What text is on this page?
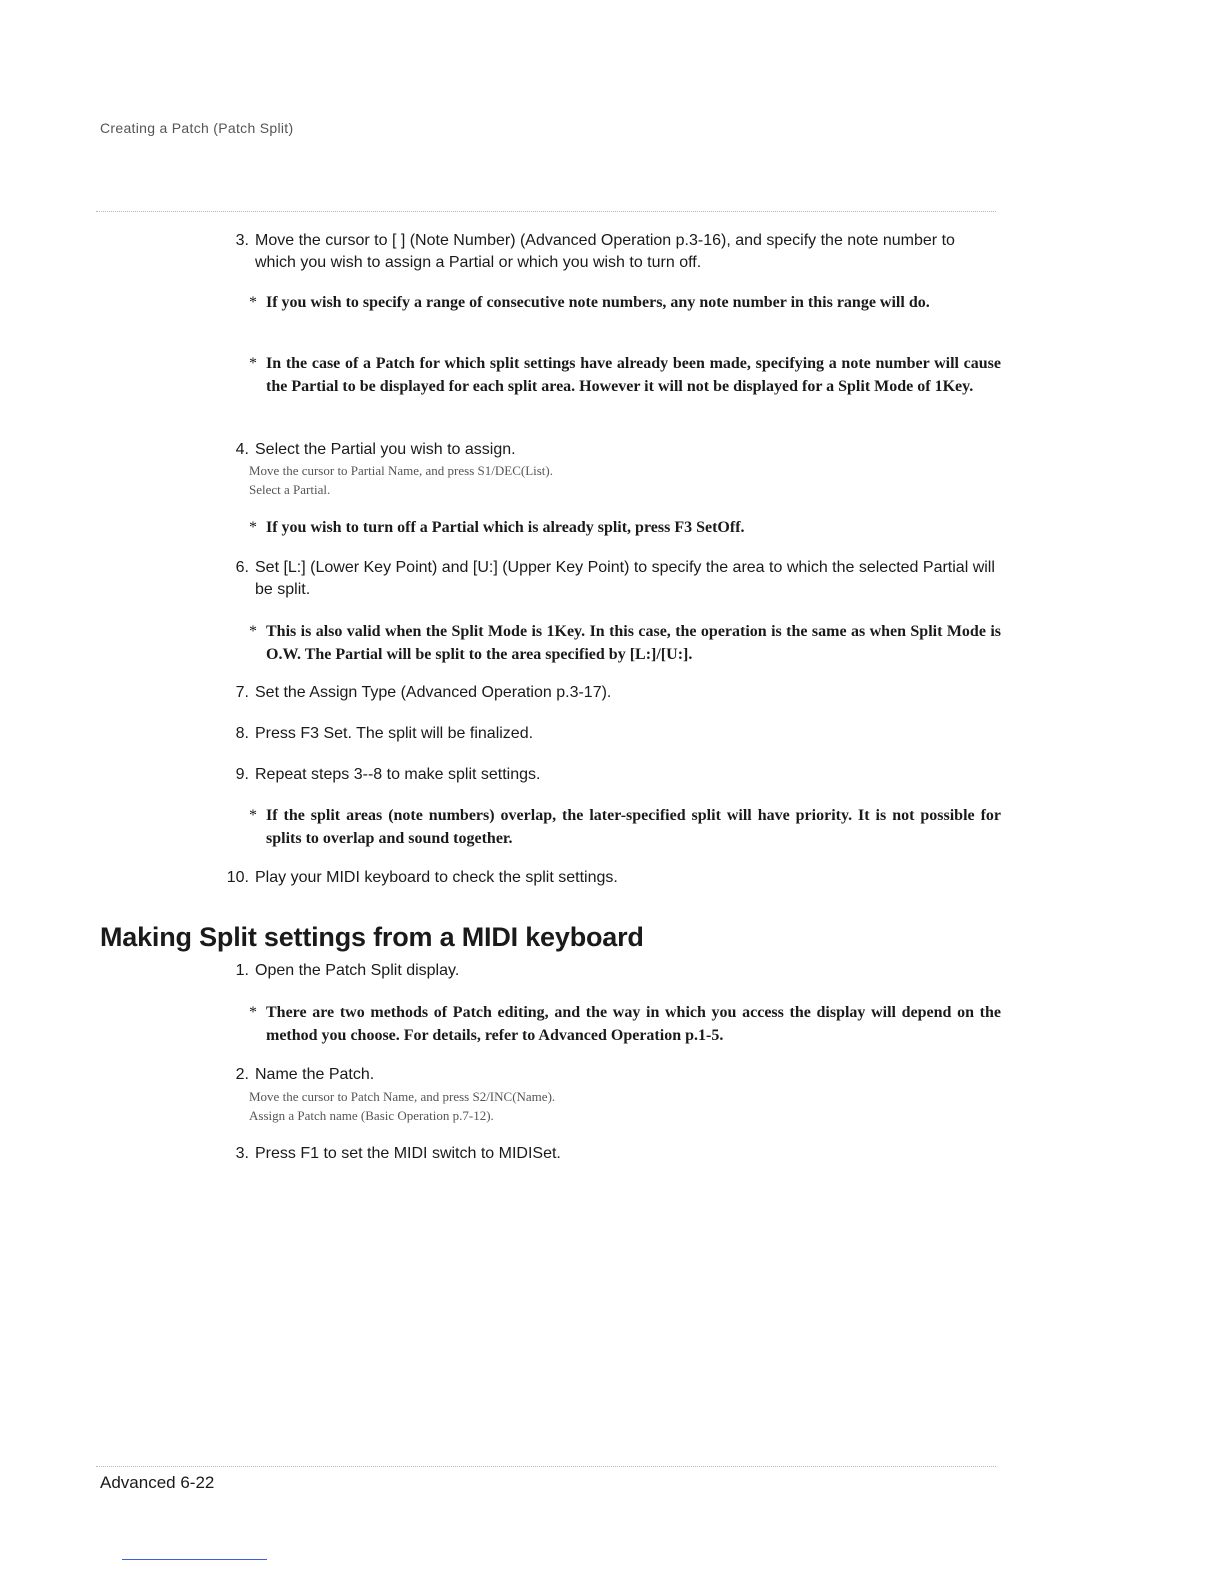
Creating a Patch (Patch Split)
3. Move the cursor to [ ] (Note Number) (Advanced Operation p.3-16), and specify the note number to which you wish to assign a Partial or which you wish to turn off.
* If you wish to specify a range of consecutive note numbers, any note number in this range will do.
* In the case of a Patch for which split settings have already been made, specifying a note number will cause the Partial to be displayed for each split area. However it will not be displayed for a Split Mode of 1Key.
4. Select the Partial you wish to assign.
Move the cursor to Partial Name, and press S1/DEC(List).
Select a Partial.
* If you wish to turn off a Partial which is already split, press F3 SetOff.
6. Set [L:] (Lower Key Point) and [U:] (Upper Key Point) to specify the area to which the selected Partial will be split.
* This is also valid when the Split Mode is 1Key. In this case, the operation is the same as when Split Mode is O.W. The Partial will be split to the area specified by [L:]/[U:].
7. Set the Assign Type (Advanced Operation p.3-17).
8. Press F3 Set. The split will be finalized.
9. Repeat steps 3--8 to make split settings.
* If the split areas (note numbers) overlap, the later-specified split will have priority. It is not possible for splits to overlap and sound together.
10. Play your MIDI keyboard to check the split settings.
Making Split settings from a MIDI keyboard
1. Open the Patch Split display.
* There are two methods of Patch editing, and the way in which you access the display will depend on the method you choose. For details, refer to Advanced Operation p.1-5.
2. Name the Patch.
Move the cursor to Patch Name, and press S2/INC(Name).
Assign a Patch name (Basic Operation p.7-12).
3. Press F1 to set the MIDI switch to MIDISet.
Advanced 6-22
